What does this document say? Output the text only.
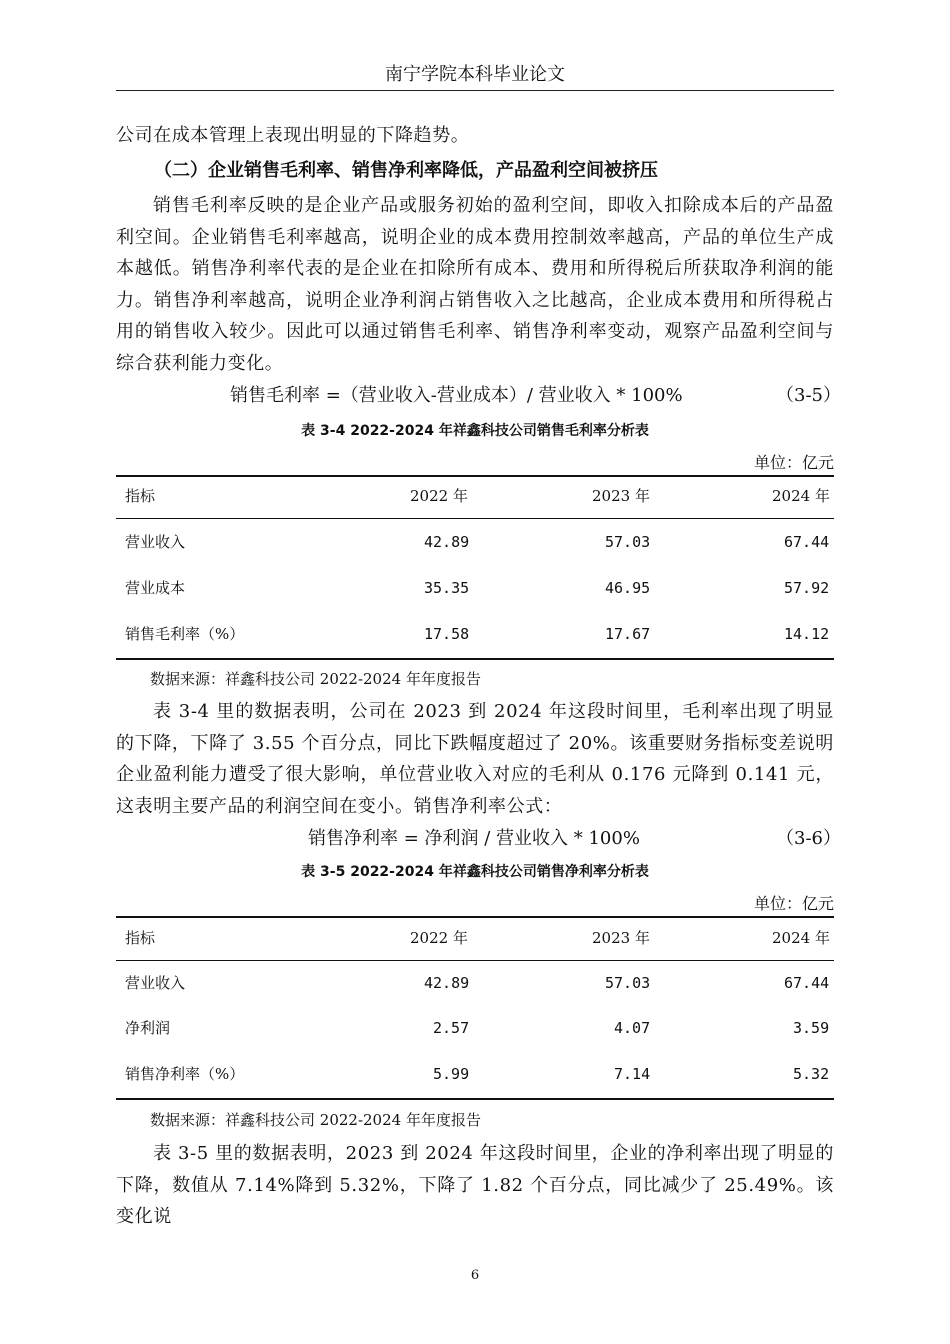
南宁学院本科毕业论文
公司在成本管理上表现出明显的下降趋势。
（二）企业销售毛利率、销售净利率降低，产品盈利空间被挤压
销售毛利率反映的是企业产品或服务初始的盈利空间，即收入扣除成本后的产品盈利空间。企业销售毛利率越高，说明企业的成本费用控制效率越高，产品的单位生产成本越低。销售净利率代表的是企业在扣除所有成本、费用和所得税后所获取净利润的能力。销售净利率越高，说明企业净利润占销售收入之比越高，企业成本费用和所得税占用的销售收入较少。因此可以通过销售毛利率、销售净利率变动，观察产品盈利空间与综合获利能力变化。
销售毛利率 =（营业收入-营业成本）/ 营业收入 * 100%	（3-5）
表 3-4 2022-2024 年祥鑫科技公司销售毛利率分析表
单位：亿元
指标	2022 年	2023 年	2024 年
营业收入	42.89	57.03	67.44
营业成本	35.35	46.95	57.92
销售毛利率（%）	17.58	17.67	14.12
数据来源：祥鑫科技公司 2022-2024 年年度报告
表 3-4 里的数据表明，公司在 2023 到 2024 年这段时间里，毛利率出现了明显的下降，下降了 3.55 个百分点，同比下跌幅度超过了 20%。该重要财务指标变差说明企业盈利能力遭受了很大影响，单位营业收入对应的毛利从 0.176 元降到 0.141 元，这表明主要产品的利润空间在变小。销售净利率公式：
销售净利率 = 净利润 / 营业收入 * 100%	（3-6）
表 3-5 2022-2024 年祥鑫科技公司销售净利率分析表
单位：亿元
指标	2022 年	2023 年	2024 年
营业收入	42.89	57.03	67.44
净利润	2.57	4.07	3.59
销售净利率（%）	5.99	7.14	5.32
数据来源：祥鑫科技公司 2022-2024 年年度报告
表 3-5 里的数据表明，2023 到 2024 年这段时间里，企业的净利率出现了明显的下降，数值从 7.14%降到 5.32%，下降了 1.82 个百分点，同比减少了 25.49%。该变化说
6
